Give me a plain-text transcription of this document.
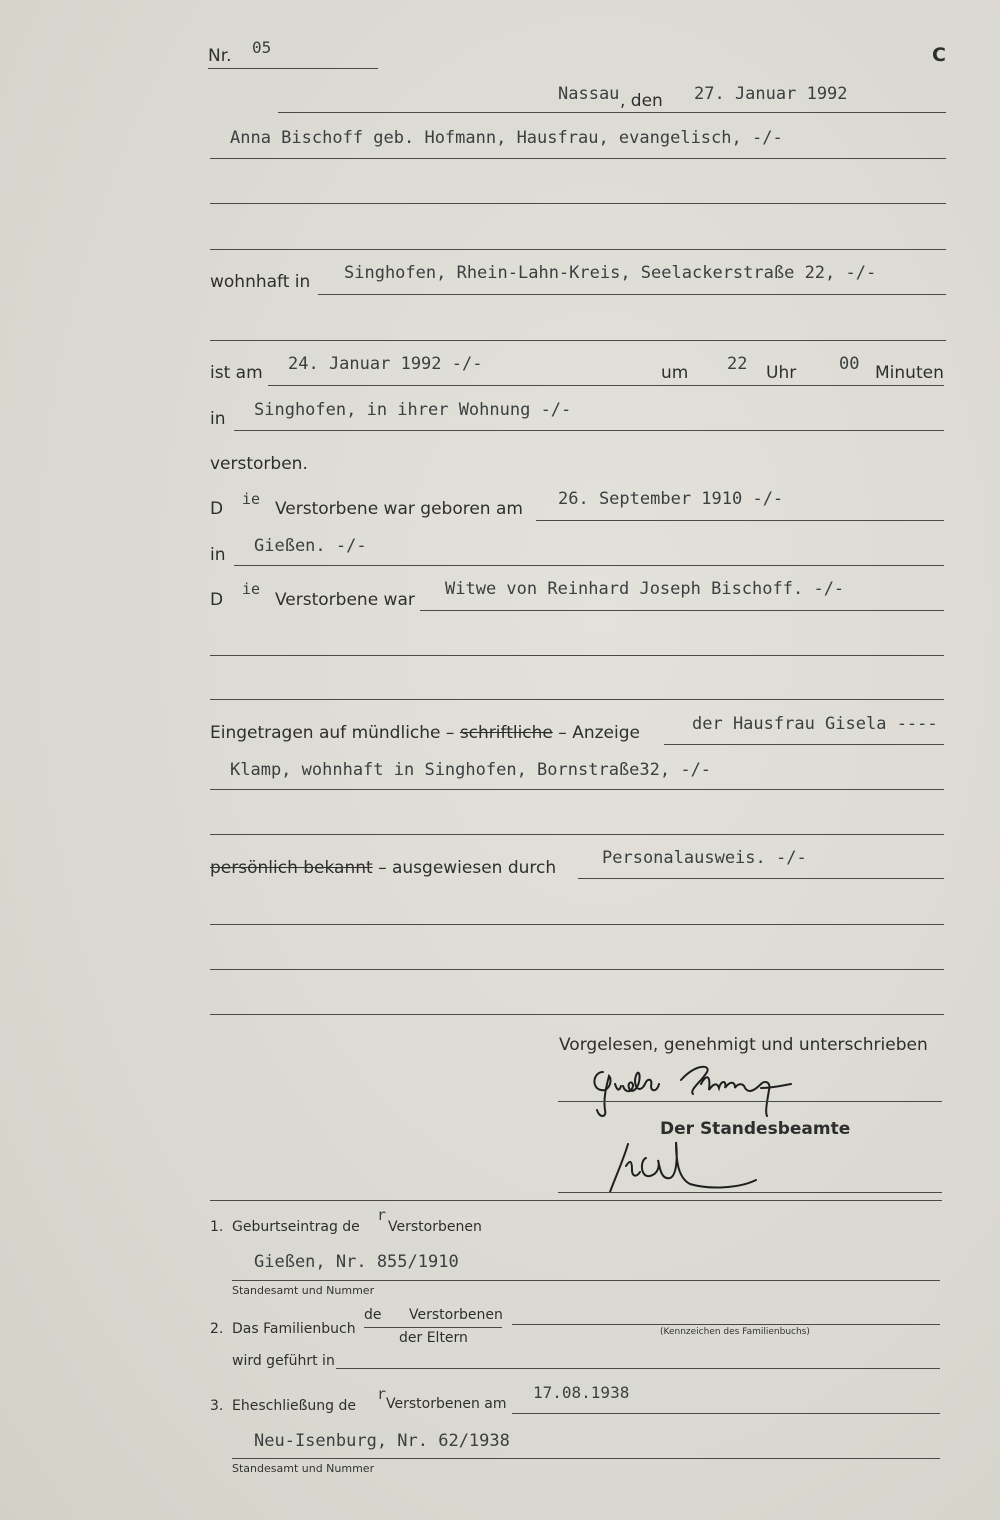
Nr. 05	C
Nassau , den 27. Januar 1992
Anna Bischoff geb. Hofmann, Hausfrau, evangelisch, -/-
wohnhaft in Singhofen, Rhein-Lahn-Kreis, Seelackerstraße 22, -/-
ist am 24. Januar 1992 -/-	um 22 Uhr	00 Minuten
in Singhofen, in ihrer Wohnung -/-
verstorben.
D ie Verstorbene war geboren am 26. September 1910 -/-
in Gießen. -/-
D
ie
Verstorbene war
Witwe von Reinhard Joseph Bischoff. -/-
Eingetragen auf mündliche – schriftliche – Anzeige	der Hausfrau Gisela ----
Klamp, wohnhaft in Singhofen, Bornstraße32, -/-
persönlich bekannt – ausgewiesen durch	Personalausweis. -/-
Vorgelesen, genehmigt und unterschrieben
Der Standesbeamte
1. Geburtseintrag de
r
Verstorbenen
Gießen, Nr. 855/1910
Standesamt und Nummer
2. Das Familienbuch
de Verstorbenen
der Eltern	(Kennzeichen des Familienbuchs)
wird geführt in
3. Eheschließung de
r
Verstorbenen am
17.08.1938
Neu-Isenburg, Nr. 62/1938
Standesamt und Nummer
